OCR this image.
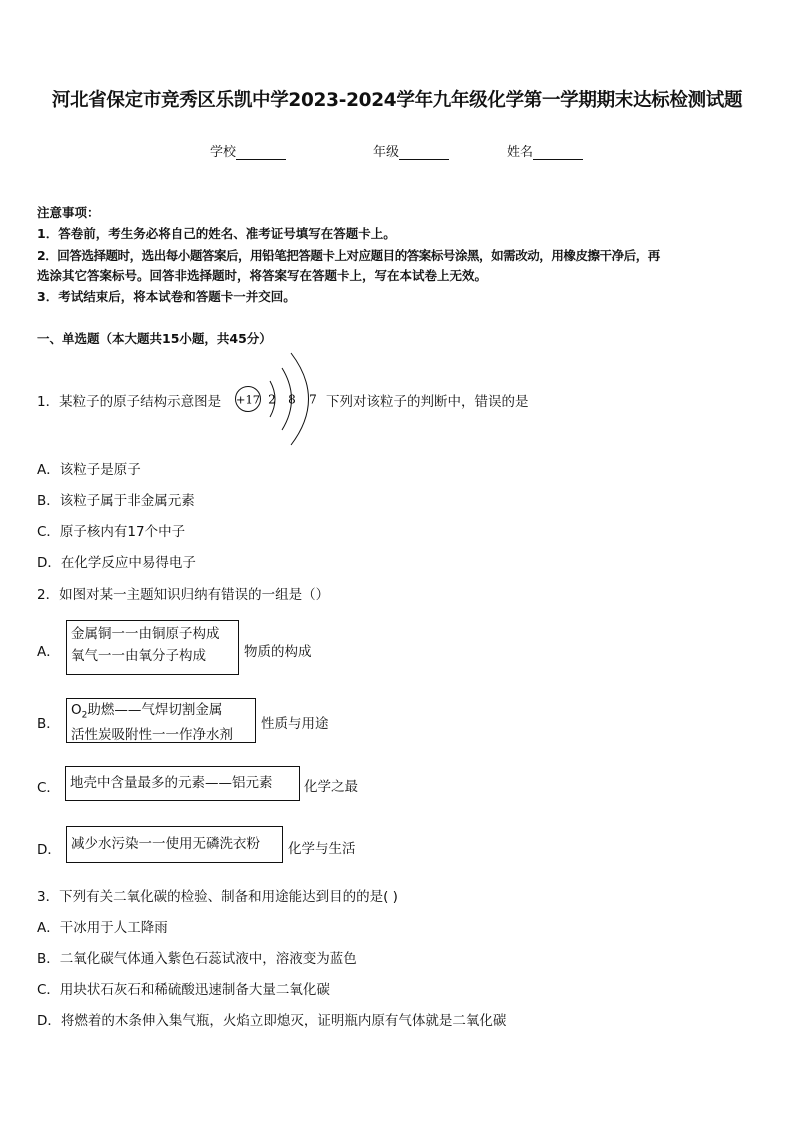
河北省保定市竞秀区乐凯中学2023-2024学年九年级化学第一学期期末达标检测试题
学校	年级	姓名
注意事项：
1．答卷前，考生务必将自己的姓名、准考证号填写在答题卡上。
2．回答选择题时，选出每小题答案后，用铅笔把答题卡上对应题目的答案标号涂黑，如需改动，用橡皮擦干净后，再
选涂其它答案标号。回答非选择题时，将答案写在答题卡上，写在本试卷上无效。
3．考试结束后，将本试卷和答题卡一并交回。
一、单选题（本大题共15小题，共45分）
1．某粒子的原子结构示意图是 +17 2 8 7 下列对该粒子的判断中，错误的是
A．该粒子是原子
B．该粒子属于非金属元素
C．原子核内有17个中子
D．在化学反应中易得电子
2．如图对某一主题知识归纳有错误的一组是（）
A．
金属铜一一由铜原子构成
氧气一一由氧分子构成	物质的构成
B．
$O_2$助燃——气焊切割金属
活性炭吸附性一一作净水剂
性质与用途
C． 地壳中含量最多的元素——铝元素	化学之最
D． 减少水污染一一使用无磷洗衣粉	化学与生活
3．下列有关二氧化碳的检验、制备和用途能达到目的的是( )
A．干冰用于人工降雨
B．二氧化碳气体通入紫色石蕊试液中，溶液变为蓝色
C．用块状石灰石和稀硫酸迅速制备大量二氧化碳
D．将燃着的木条伸入集气瓶，火焰立即熄灭，证明瓶内原有气体就是二氧化碳
